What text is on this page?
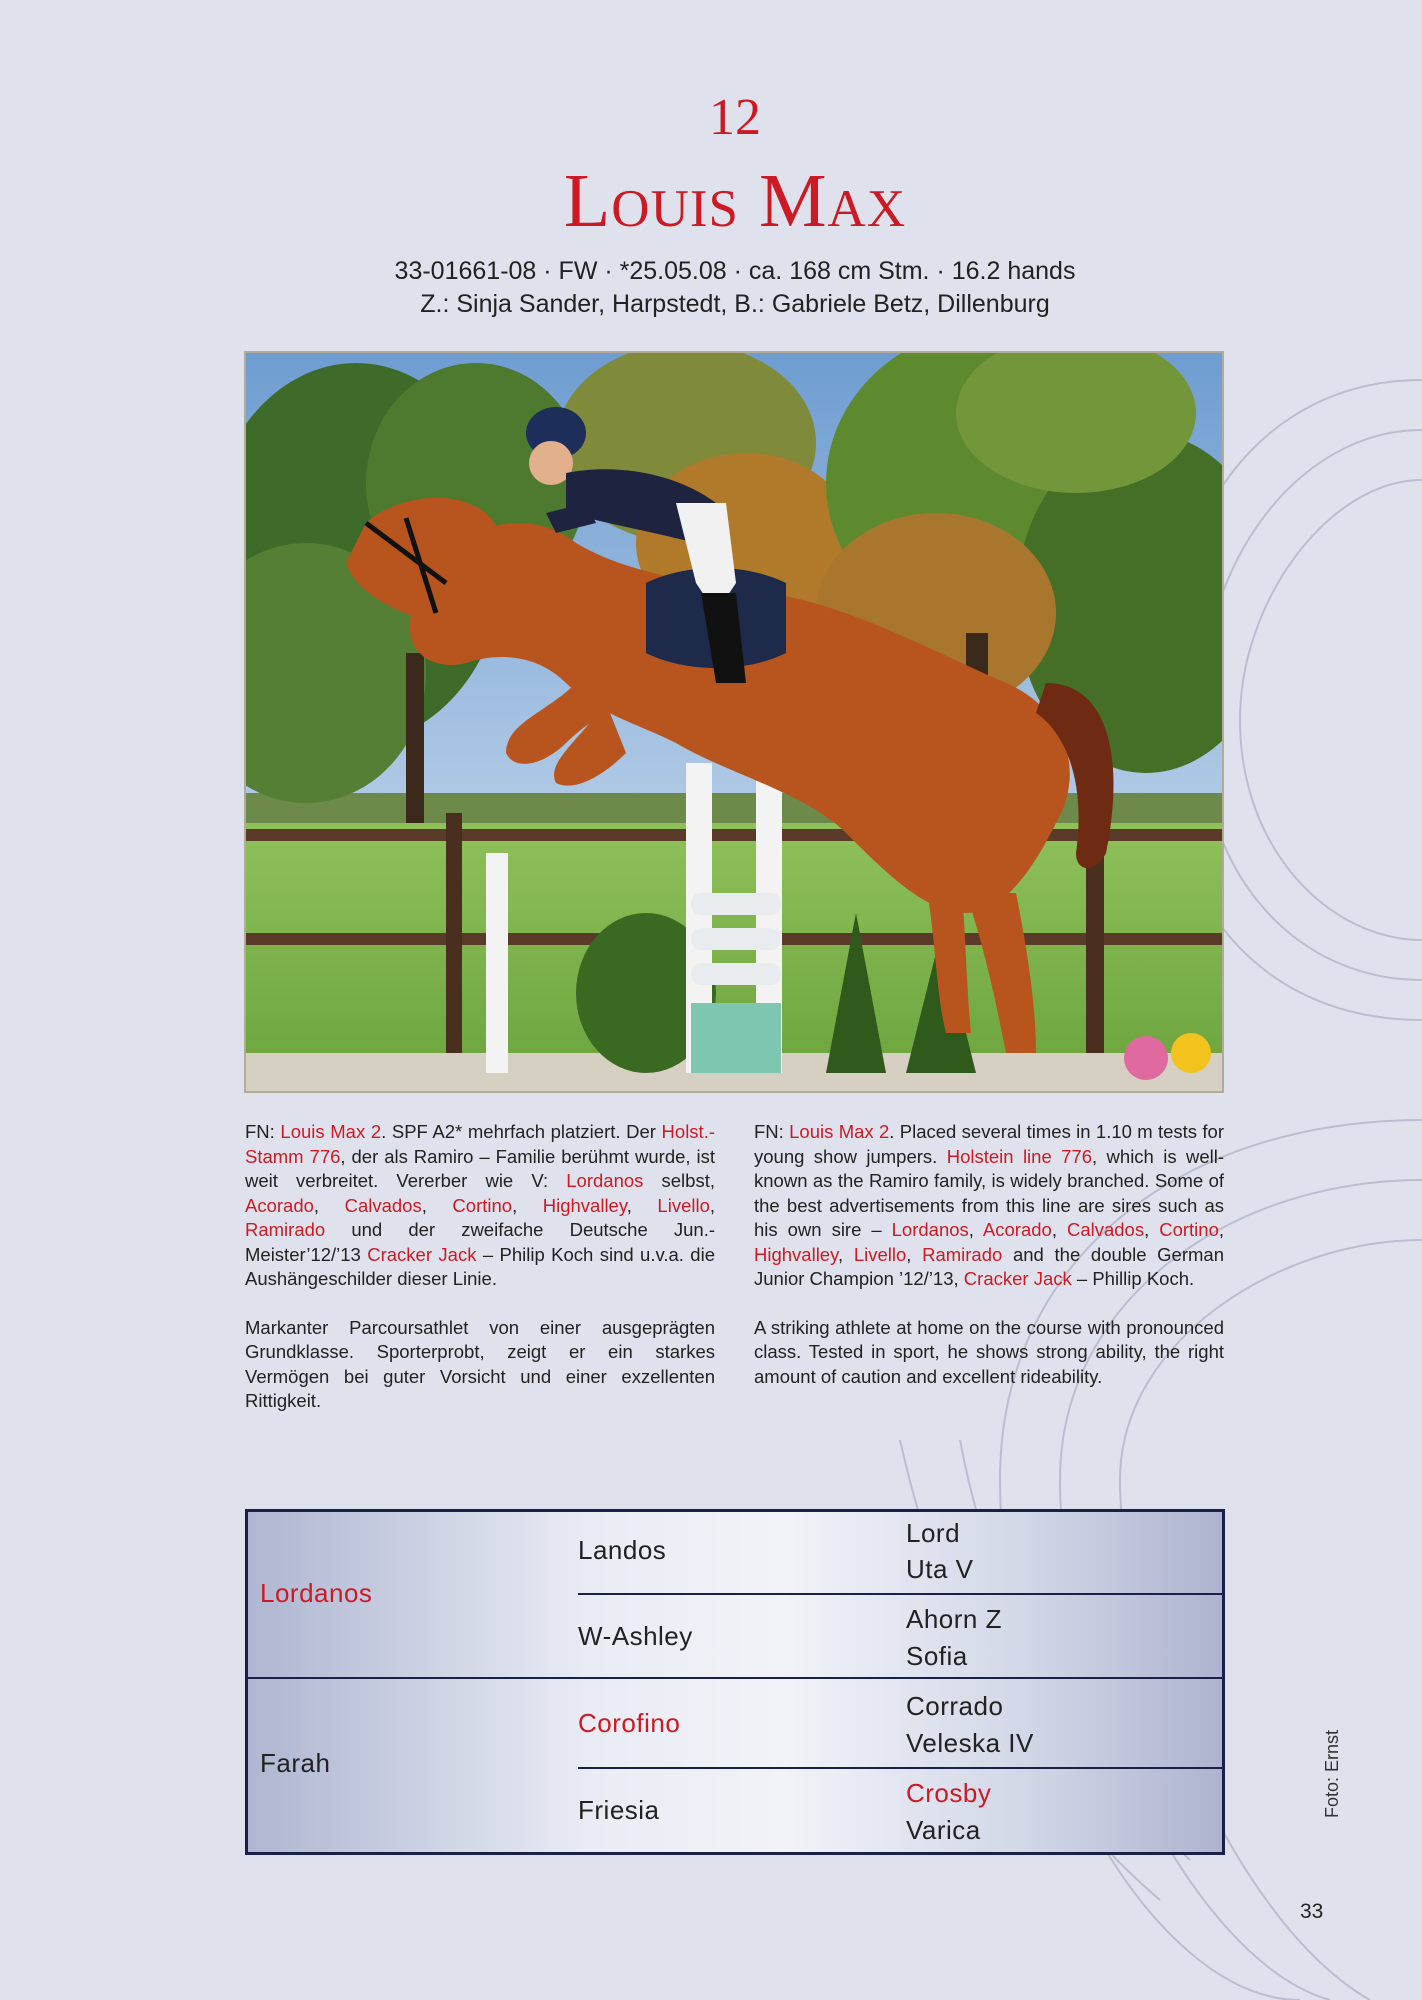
12
Louis Max
33-01661-08 · FW · *25.05.08 · ca. 168 cm Stm. · 16.2 hands
Z.: Sinja Sander, Harpstedt, B.: Gabriele Betz, Dillenburg

FN: Louis Max 2. SPF A2* mehrfach platziert. Der Holst.- Stamm 776, der als Ramiro – Familie berühmt wurde, ist weit verbreitet. Vererber wie V: Lordanos selbst, Acorado, Calvados, Cortino, Highvalley, Livello, Ramirado und der zweifache Deutsche Jun.-Meister’12/’13 Cracker Jack – Philip Koch sind u.v.a. die Aushängeschilder dieser Linie.

Markanter Parcoursathlet von einer ausgeprägten Grundklasse. Sporterprobt, zeigt er ein starkes Vermögen bei guter Vorsicht und einer exzellenten Rittigkeit.

FN: Louis Max 2. Placed several times in 1.10 m tests for young show jumpers. Holstein line 776, which is well-known as the Ramiro family, is widely branched. Some of the best advertisements from this line are sires such as his own sire – Lordanos, Acorado, Calvados, Cortino, Highvalley, Livello, Ramirado and the double German Junior Champion ’12/’13, Cracker Jack – Phillip Koch.

A striking athlete at home on the course with pronounced class. Tested in sport, he shows strong ability, the right amount of caution and excellent rideability.

Lordanos
Farah
Landos
W-Ashley
Corofino
Friesia
Lord
Uta V
Ahorn Z
Sofia
Corrado
Veleska IV
Crosby
Varica
Foto: Ernst
33
